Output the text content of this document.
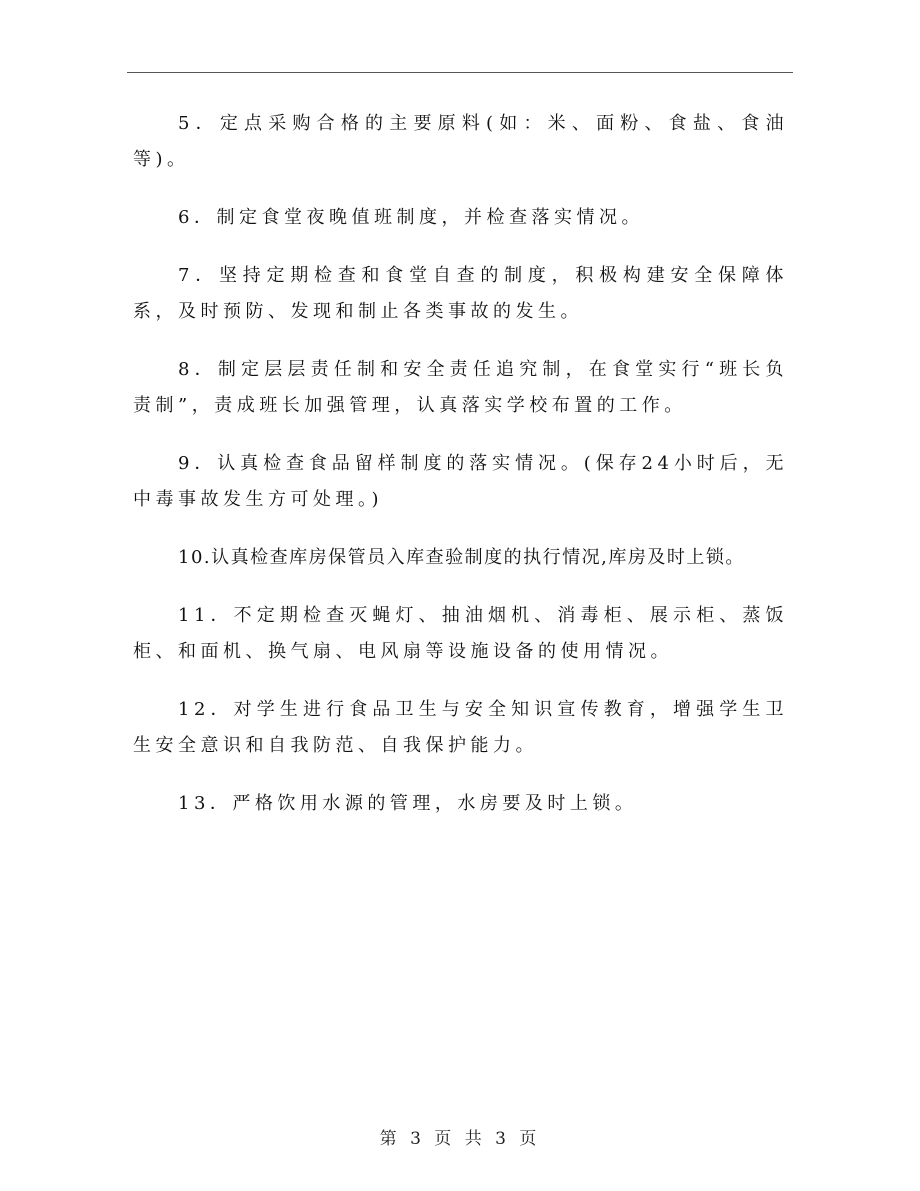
5．定点采购合格的主要原料(如：米、面粉、食盐、食油等)。

6．制定食堂夜晚值班制度，并检查落实情况。

7．坚持定期检查和食堂自查的制度，积极构建安全保障体系，及时预防、发现和制止各类事故的发生。

8．制定层层责任制和安全责任追究制，在食堂实行“班长负责制”，责成班长加强管理，认真落实学校布置的工作。

9．认真检查食品留样制度的落实情况。(保存24小时后，无中毒事故发生方可处理。)

10.认真检查库房保管员入库查验制度的执行情况,库房及时上锁。

11．不定期检查灭蝇灯、抽油烟机、消毒柜、展示柜、蒸饭柜、和面机、换气扇、电风扇等设施设备的使用情况。

12．对学生进行食品卫生与安全知识宣传教育，增强学生卫生安全意识和自我防范、自我保护能力。

13．严格饮用水源的管理，水房要及时上锁。

第 3 页 共 3 页
